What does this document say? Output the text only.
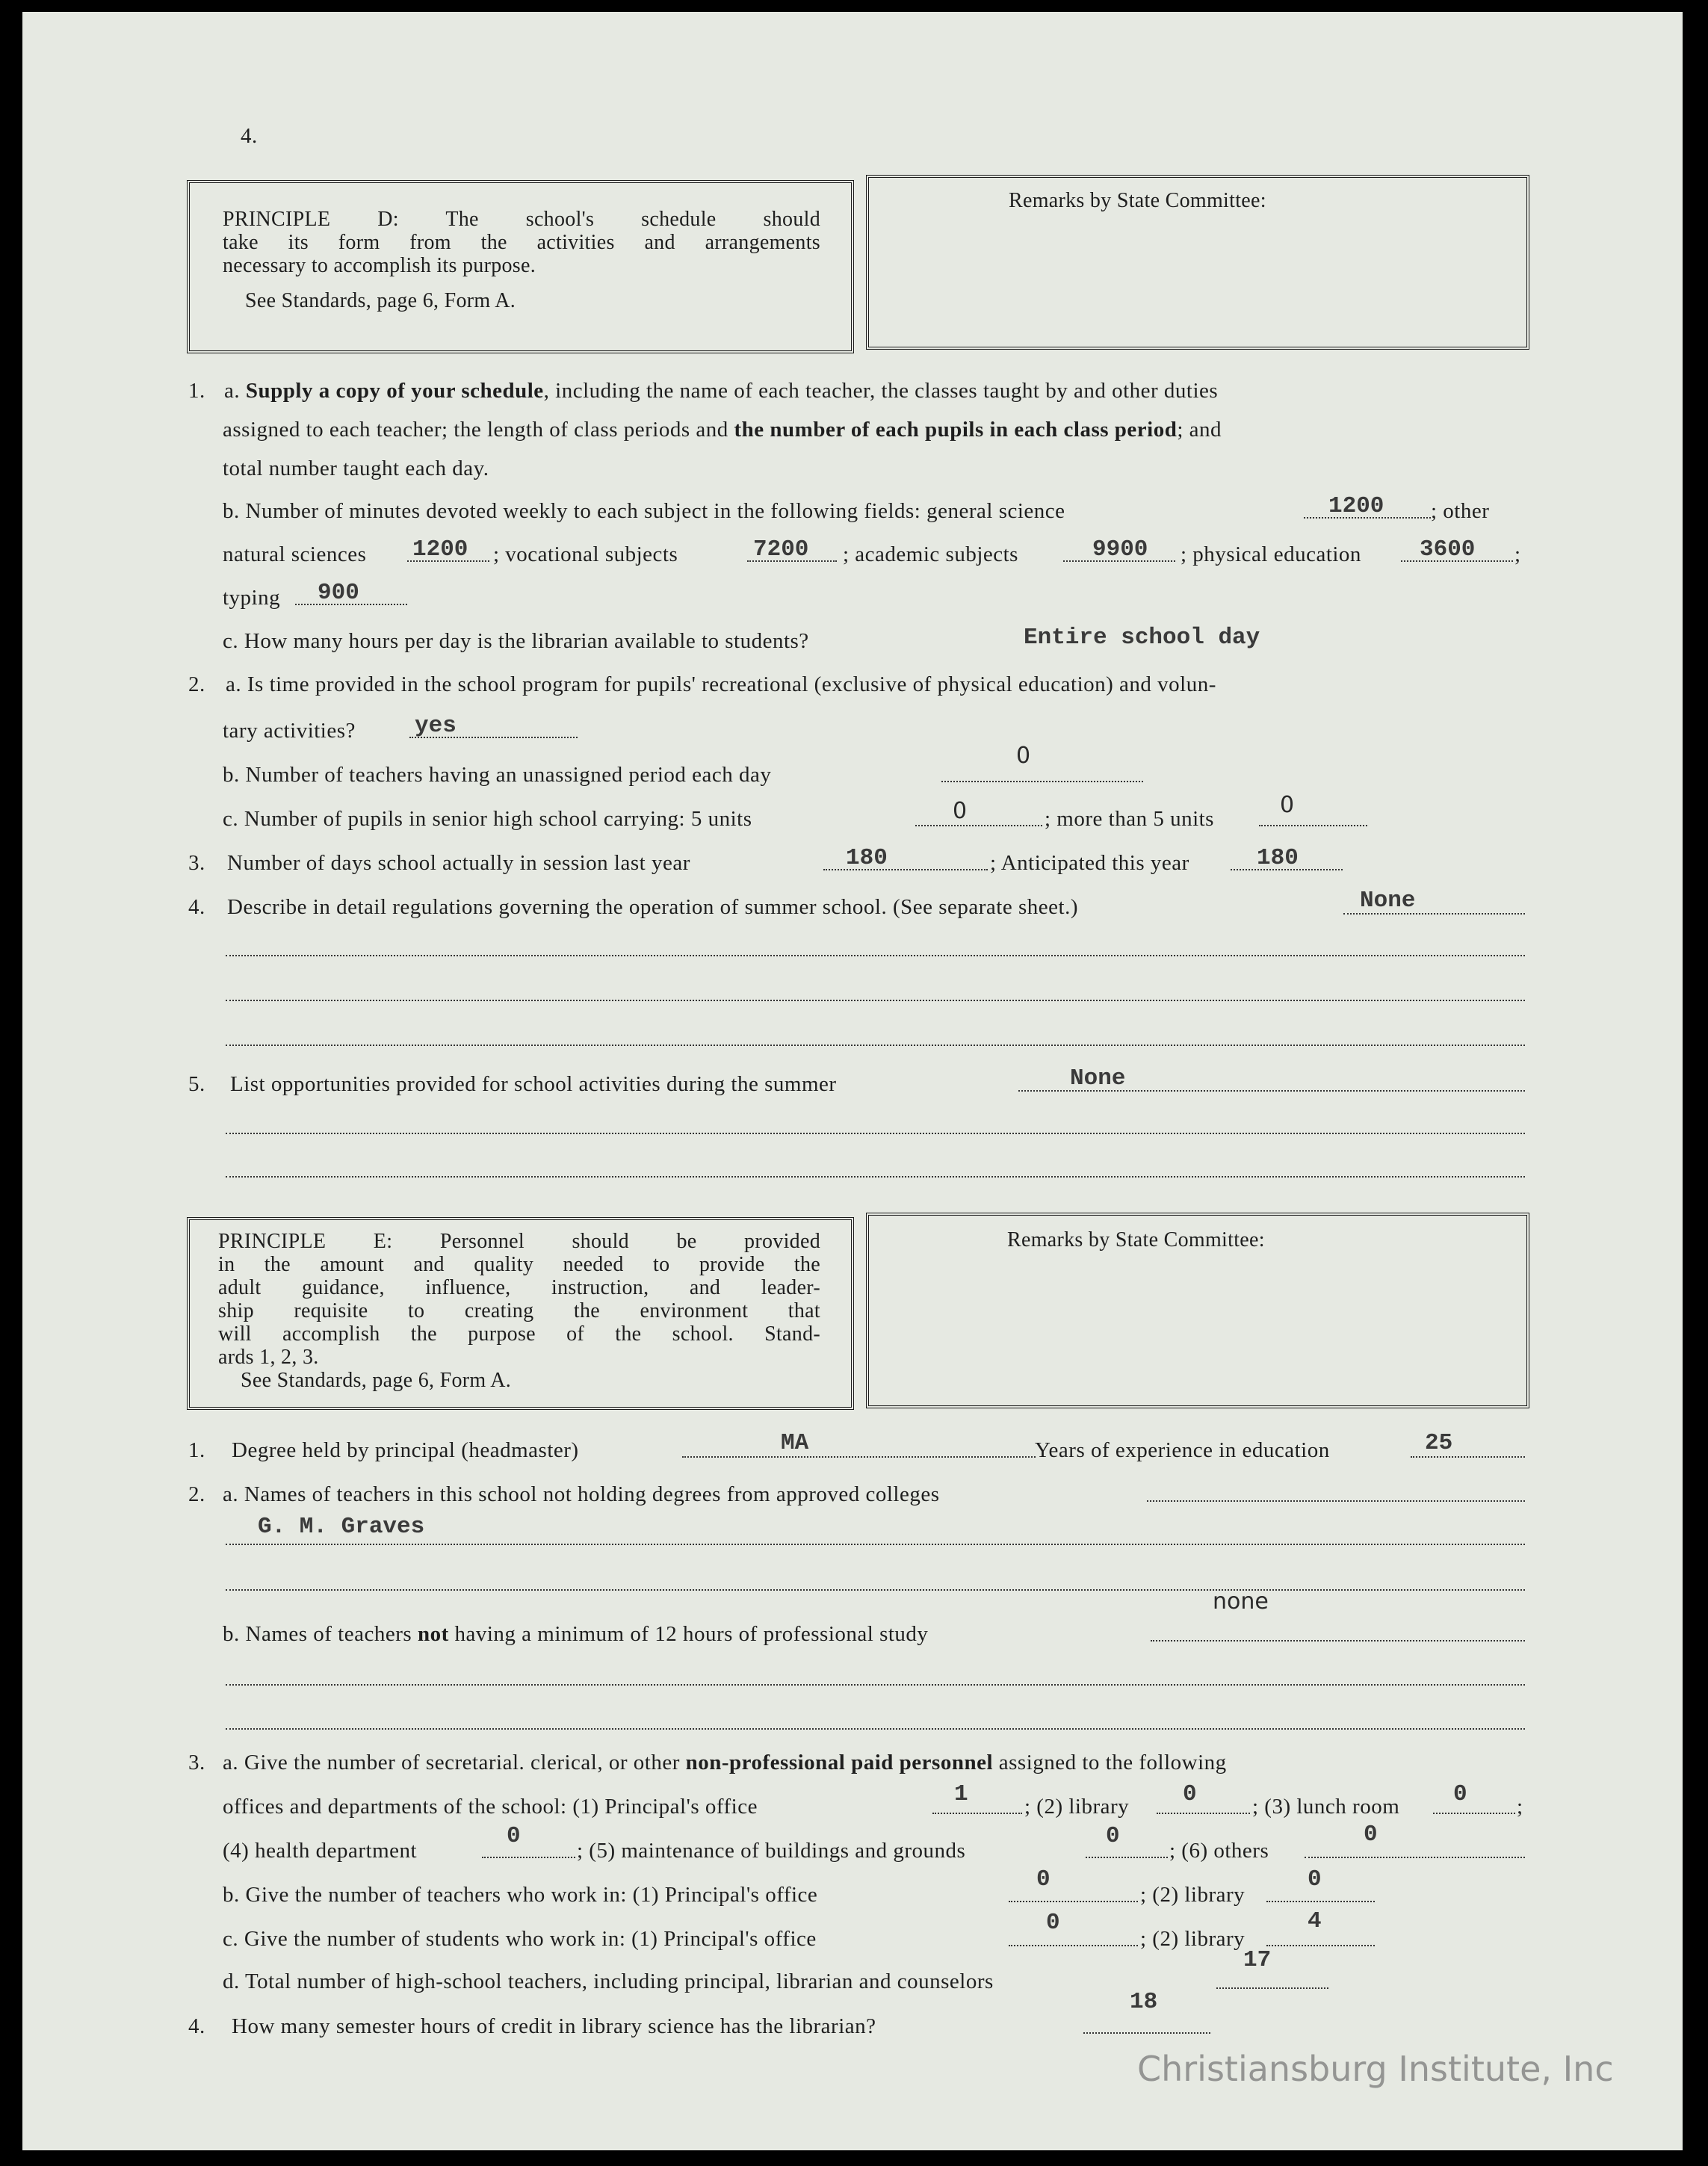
4.
PRINCIPLE D: The school's schedule should
take its form from the activities and arrangements
necessary to accomplish its purpose.
See Standards, page 6, Form A.
Remarks by State Committee:
1. a. Supply a copy of your schedule, including the name of each teacher, the classes taught by and other duties
assigned to each teacher; the length of class periods and the number of each pupils in each class period; and
total number taught each day.
b. Number of minutes devoted weekly to each subject in the following fields: general science	1200 ; other
natural sciences 1200 ; vocational subjects	7200 ; academic subjects	9900 ; physical education	3600 ;
typing 900
c. How many hours per day is the librarian available to students?	Entire school day
2. a. Is time provided in the school program for pupils' recreational (exclusive of physical education) and volun-
tary activities?	yes
b. Number of teachers having an unassigned period each day
0
c. Number of pupils in senior high school carrying: 5 units	0	; more than 5 units
0
3. Number of days school actually in session last year	180	; Anticipated this year	180
4. Describe in detail regulations governing the operation of summer school. (See separate sheet.)	None
5. List opportunities provided for school activities during the summer	None
PRINCIPLE E: Personnel should be provided
in the amount and quality needed to provide the
adult guidance, influence, instruction, and leader-
ship requisite to creating the environment that
will accomplish the purpose of the school. Stand-
ards 1, 2, 3.
See Standards, page 6, Form A.
Remarks by State Committee:
1. Degree held by principal (headmaster)	MA	Years of experience in education	25
2. a. Names of teachers in this school not holding degrees from approved colleges
G. M. Graves
b. Names of teachers not having a minimum of 12 hours of professional study
none
3. a. Give the number of secretarial. clerical, or other non-professional paid personnel assigned to the following
offices and departments of the school: (1) Principal's office	1	; (2) library 0	; (3) lunch room 0 ;
(4) health department
0
; (5) maintenance of buildings and grounds
0
; (6) others
0
b. Give the number of teachers who work in: (1) Principal's office
0
; (2) library
0
c. Give the number of students who work in: (1) Principal's office
0
; (2) library
4
d. Total number of high-school teachers, including principal, librarian and counselors
17
4. How many semester hours of credit in library science has the librarian?
18
Christiansburg Institute, Inc
